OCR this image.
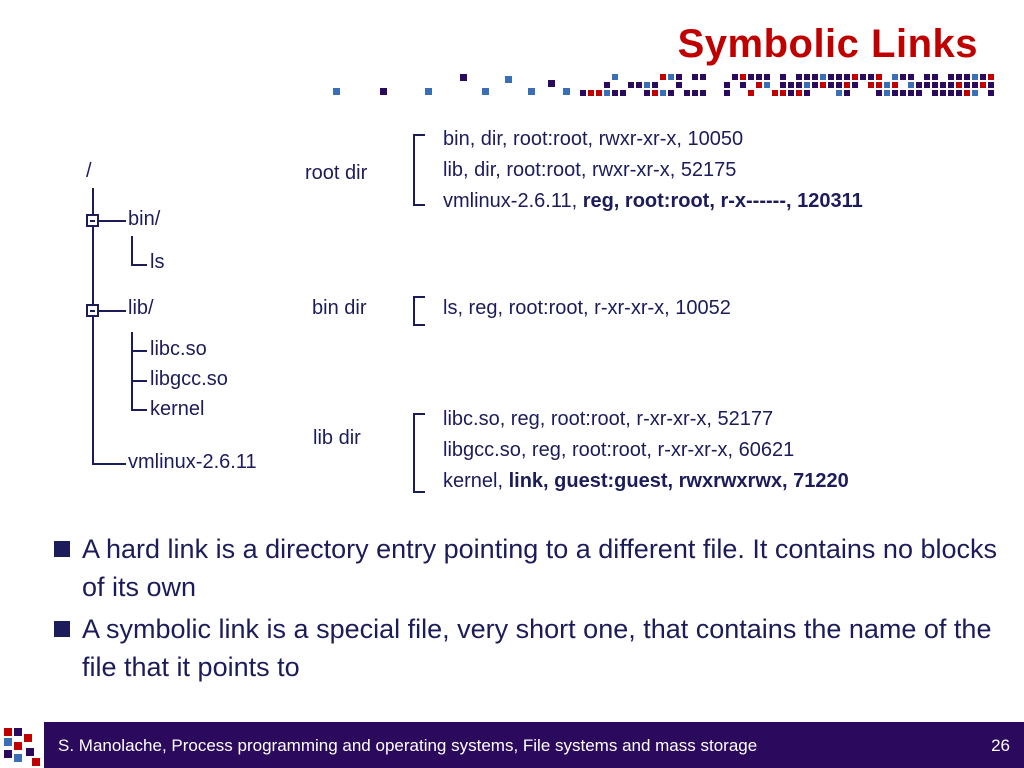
Symbolic Links
/
bin/
ls
lib/
libc.so
libgcc.so
kernel
vmlinux-2.6.11
root dir
bin, dir, root:root, rwxr-xr-x, 10050
lib, dir, root:root, rwxr-xr-x, 52175
vmlinux-2.6.11, reg, root:root, r-x------, 120311
bin dir	ls, reg, root:root, r-xr-xr-x, 10052
lib dir
libc.so, reg, root:root, r-xr-xr-x, 52177
libgcc.so, reg, root:root, r-xr-xr-x, 60621
kernel, link, guest:guest, rwxrwxrwx, 71220
A hard link is a directory entry pointing to a different file. It contains no blocks of its own
A symbolic link is a special file, very short one, that contains the name of the file that it points to
S. Manolache, Process programming and operating systems, File systems and mass storage	26
